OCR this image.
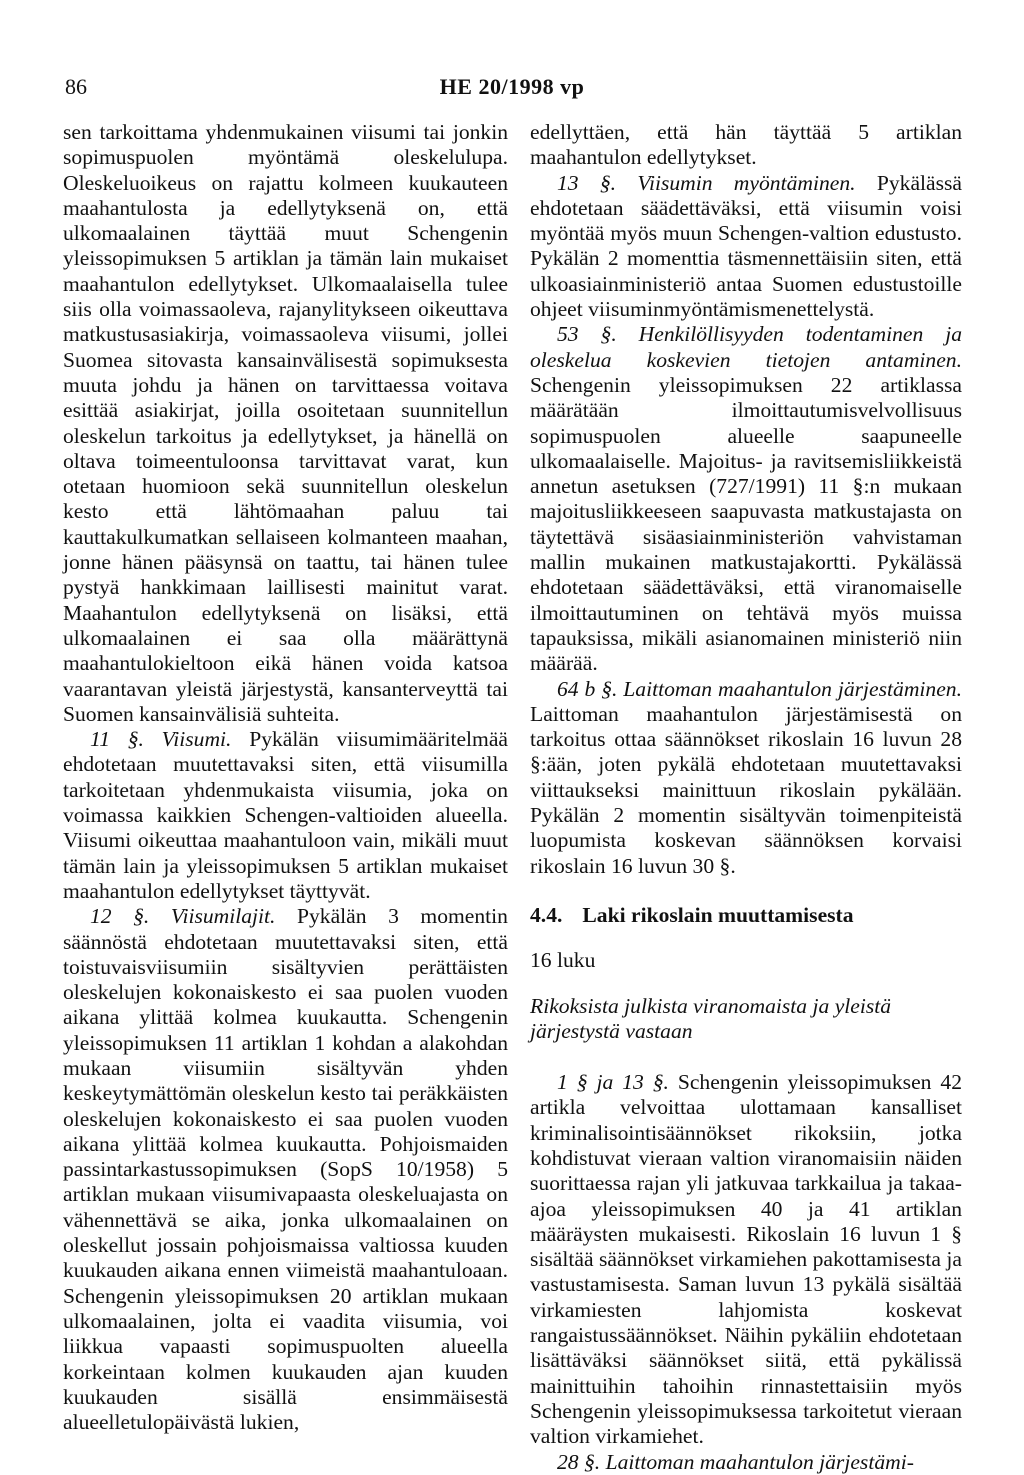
86	HE 20/1998 vp

sen tarkoittama yhdenmukainen viisumi tai jonkin sopimuspuolen myöntämä oleskelulupa. Oleskeluoikeus on rajattu kolmeen kuukauteen maahantulosta ja edellytyksenä on, että ulkomaalainen täyttää muut Schengenin yleissopimuksen 5 artiklan ja tämän lain mukaiset maahantulon edellytykset. Ulkomaalaisella tulee siis olla voimassaoleva, rajanylitykseen oikeuttava matkustusasiakirja, voimassaoleva viisumi, jollei Suomea sitovasta kansainvälisestä sopimuksesta muuta johdu ja hänen on tarvittaessa voitava esittää asiakirjat, joilla osoitetaan suunnitellun oleskelun tarkoitus ja edellytykset, ja hänellä on oltava toimeentuloonsa tarvittavat varat, kun otetaan huomioon sekä suunnitellun oleskelun kesto että lähtömaahan paluu tai kauttakulkumatkan sellaiseen kolmanteen maahan, jonne hänen pääsynsä on taattu, tai hänen tulee pystyä hankkimaan laillisesti mainitut varat. Maahantulon edellytyksenä on lisäksi, että ulkomaalainen ei saa olla määrättynä maahantulokieltoon eikä hänen voida katsoa vaarantavan yleistä järjestystä, kansanterveyttä tai Suomen kansainvälisiä suhteita.

11 §. Viisumi. Pykälän viisumimääritelmää ehdotetaan muutettavaksi siten, että viisumilla tarkoitetaan yhdenmukaista viisumia, joka on voimassa kaikkien Schengen-valtioiden alueella. Viisumi oikeuttaa maahantuloon vain, mikäli muut tämän lain ja yleissopimuksen 5 artiklan mukaiset maahantulon edellytykset täyttyvät.

12 §. Viisumilajit. Pykälän 3 momentin säännöstä ehdotetaan muutettavaksi siten, että toistuvaisviisumiin sisältyvien perättäisten oleskelujen kokonaiskesto ei saa puolen vuoden aikana ylittää kolmea kuukautta. Schengenin yleissopimuksen 11 artiklan 1 kohdan a alakohdan mukaan viisumiin sisältyvän yhden keskeytymättömän oleskelun kesto tai peräkkäisten oleskelujen kokonaiskesto ei saa puolen vuoden aikana ylittää kolmea kuukautta. Pohjoismaiden passintarkastussopimuksen (SopS 10/1958) 5 artiklan mukaan viisumivapaasta oleskeluajasta on vähennettävä se aika, jonka ulkomaalainen on oleskellut jossain pohjoismaissa valtiossa kuuden kuukauden aikana ennen viimeistä maahantuloaan. Schengenin yleissopimuksen 20 artiklan mukaan ulkomaalainen, jolta ei vaadita viisumia, voi liikkua vapaasti sopimuspuolten alueella korkeintaan kolmen kuukauden ajan kuuden kuukauden sisällä ensimmäisestä alueelletulopäivästä lukien,

edellyttäen, että hän täyttää 5 artiklan maahantulon edellytykset.

13 §. Viisumin myöntäminen. Pykälässä ehdotetaan säädettäväksi, että viisumin voisi myöntää myös muun Schengen-valtion edustusto. Pykälän 2 momenttia täsmennettäisiin siten, että ulkoasiainministeriö antaa Suomen edustustoille ohjeet viisuminmyöntämismenettelystä.

53 §. Henkilöllisyyden todentaminen ja oleskelua koskevien tietojen antaminen. Schengenin yleissopimuksen 22 artiklassa määrätään ilmoittautumisvelvollisuus sopimuspuolen alueelle saapuneelle ulkomaalaiselle. Majoitus- ja ravitsemisliikkeistä annetun asetuksen (727/1991) 11 §:n mukaan majoitusliikkeeseen saapuvasta matkustajasta on täytettävä sisäasiainministeriön vahvistaman mallin mukainen matkustajakortti. Pykälässä ehdotetaan säädettäväksi, että viranomaiselle ilmoittautuminen on tehtävä myös muissa tapauksissa, mikäli asianomainen ministeriö niin määrää.

64 b §. Laittoman maahantulon järjestäminen. Laittoman maahantulon järjestämisestä on tarkoitus ottaa säännökset rikoslain 16 luvun 28 §:ään, joten pykälä ehdotetaan muutettavaksi viittaukseksi mainittuun rikoslain pykälään. Pykälän 2 momentin sisältyvän toimenpiteistä luopumista koskevan säännöksen korvaisi rikoslain 16 luvun 30 §.

4.4. Laki rikoslain muuttamisesta

16 luku

Rikoksista julkista viranomaista ja yleistä järjestystä vastaan

1 § ja 13 §. Schengenin yleissopimuksen 42 artikla velvoittaa ulottamaan kansalliset kriminalisointisäännökset rikoksiin, jotka kohdistuvat vieraan valtion viranomaisiin näiden suorittaessa rajan yli jatkuvaa tarkkailua ja takaa-ajoa yleissopimuksen 40 ja 41 artiklan määräysten mukaisesti. Rikoslain 16 luvun 1 § sisältää säännökset virkamiehen pakottamisesta ja vastustamisesta. Saman luvun 13 pykälä sisältää virkamiesten lahjomista koskevat rangaistussäännökset. Näihin pykäliin ehdotetaan lisättäväksi säännökset siitä, että pykälissä mainittuihin tahoihin rinnastettaisiin myös Schengenin yleissopimuksessa tarkoitetut vieraan valtion virkamiehet.

28 §. Laittoman maahantulon järjestämi-
